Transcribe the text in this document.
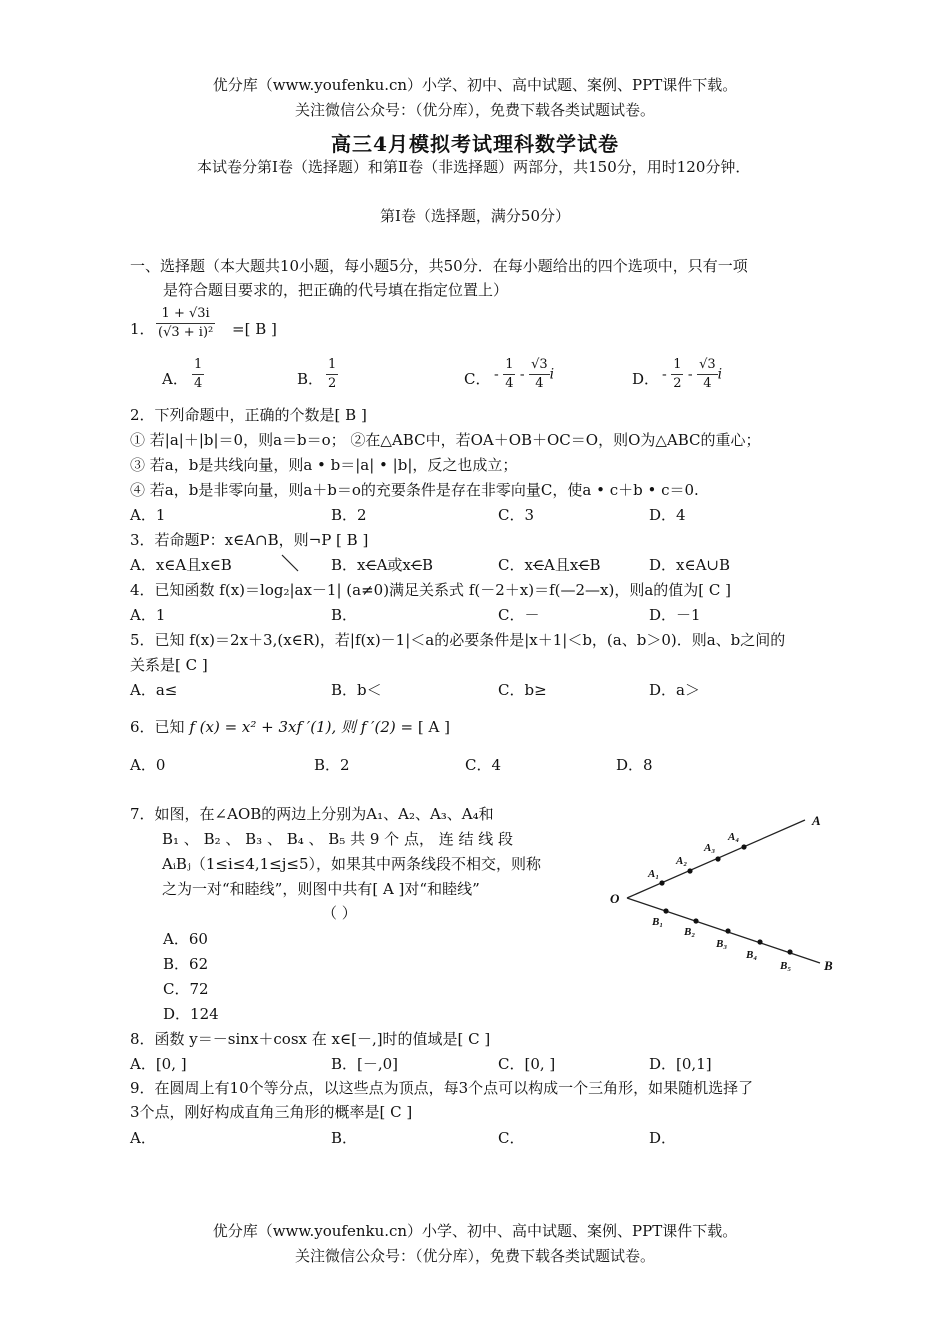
优分库（www.youfenku.cn）小学、初中、高中试题、案例、PPT课件下载。
关注微信公众号：（优分库），免费下载各类试题试卷。
高三4月模拟考试理科数学试卷
本试卷分第Ⅰ卷（选择题）和第Ⅱ卷（非选择题）两部分，共150分，用时120分钟．
第Ⅰ卷（选择题，满分50分）
一、选择题（本大题共10小题，每小题5分，共50分．在每小题给出的四个选项中，只有一项
是符合题目要求的，把正确的代号填在指定位置上）
1． $\frac{1 + √3i}{\text{(√3 + i)²}}$ =[ B ]
A． $\frac{1}{4}$	B． $\frac{1}{2}$	C． - $\frac{1}{4} - \frac{√3}{4}$ i	D． - $\frac{1}{2} - \frac{√3}{4}$ i
2．下列命题中，正确的个数是[ B ]
① 若|a|＋|b|＝0，则a＝b＝o； ②在△ABC中，若OA＋OB＋OC＝O，则O为△ABC的重心；
③ 若a，b是共线向量，则a • b＝|a| • |b|，反之也成立；
④ 若a，b是非零向量，则a＋b＝o的充要条件是存在非零向量C，使a • c＋b • c＝0.
A．1	B．2	C．3	D．4
3．若命题P：x∈A∩B，则¬P [ B ]
A．x∈A且x∈B	B．x∈A或x∈B	C．x∈A且x∈B	D．x∈A∪B
4．已知函数 f(x)＝log₂|ax－1| (a≠0)满足关系式 f(－2＋x)＝f(—2—x)，则a的值为[ C ]
A．1	B．	C．－	D．－1
5．已知 f(x)＝2x＋3,(x∈R)，若|f(x)－1|＜a的必要条件是|x＋1|＜b，(a、b＞0)．则a、b之间的
关系是[ C ]
A．a≤	B．b＜	C．b≥	D．a＞
6．已知 f (x) = x² + 3xf ′(1), 则 f ′(2) = [ A ]
A．0	B．2	C．4	D．8
7．如图，在∠AOB的两边上分别为A₁、A₂、A₃、A₄和
B₁ 、 B₂ 、 B₃ 、 B₄ 、 B₅ 共 9 个 点， 连 结 线 段
AᵢBⱼ（1≤i≤4,1≤j≤5），如果其中两条线段不相交，则称
之为一对“和睦线”，则图中共有[ A ]对“和睦线”
（ ）
A．60
B．62
C．72
D．124
O
A
B
A₁
A₂
A₃
A₄
B₁
B₂
B₃
B₄
B₅
8．函数 y＝－sinx＋cosx 在 x∈[－,]时的值域是[ C ]
A．[0, ]	B．[－,0]	C．[0, ]	D．[0,1]
9．在圆周上有10个等分点，以这些点为顶点，每3个点可以构成一个三角形，如果随机选择了
3个点，刚好构成直角三角形的概率是[ C ]
A．	B．	C．	D．
优分库（www.youfenku.cn）小学、初中、高中试题、案例、PPT课件下载。
关注微信公众号：（优分库），免费下载各类试题试卷。
